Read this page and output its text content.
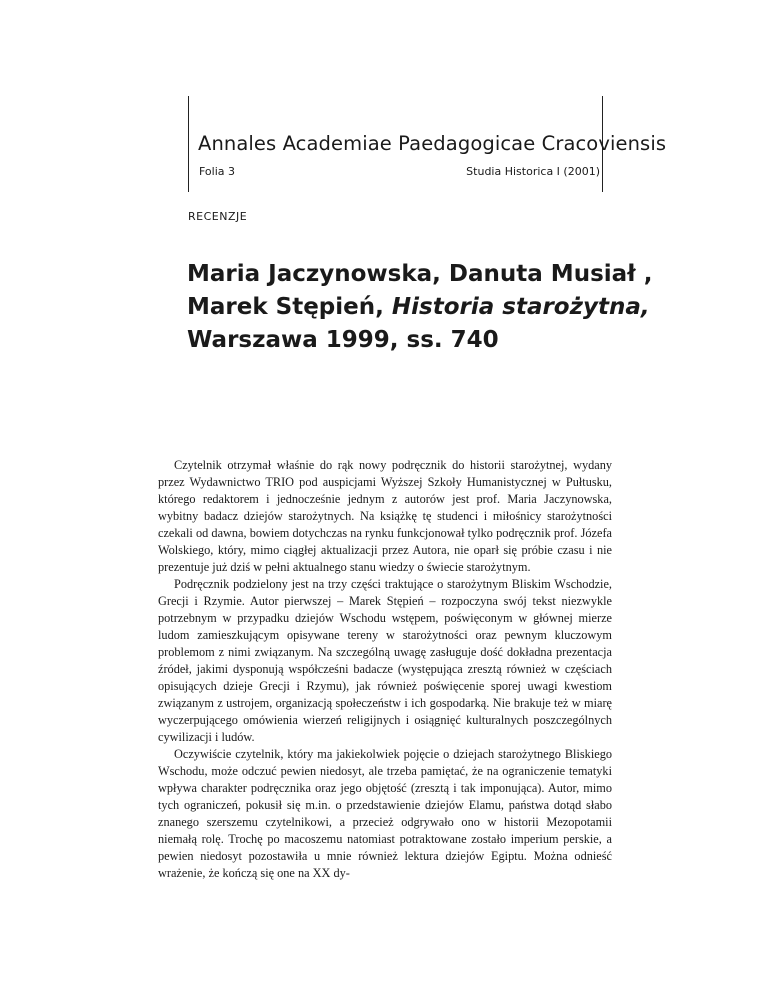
Annales Academiae Paedagogicae Cracoviensis
Folia 3	Studia Historica I (2001)
RECENZJE
Maria Jaczynowska, Danuta Musiał ,
Marek Stępień, Historia starożytna,
Warszawa 1999, ss. 740

Czytelnik otrzymał właśnie do rąk nowy podręcznik do historii starożytnej, wydany przez Wydawnictwo TRIO pod auspicjami Wyższej Szkoły Humanistycznej w Pułtusku, którego redaktorem i jednocześnie jednym z autorów jest prof. Maria Jaczynowska, wybitny badacz dziejów starożytnych. Na książkę tę studenci i miłośnicy starożytności czekali od dawna, bowiem dotychczas na rynku funkcjonował tylko podręcznik prof. Józefa Wolskiego, który, mimo ciągłej aktualizacji przez Autora, nie oparł się próbie czasu i nie prezentuje już dziś w pełni aktualnego stanu wiedzy o świecie starożytnym.

Podręcznik podzielony jest na trzy części traktujące o starożytnym Bliskim Wschodzie, Grecji i Rzymie. Autor pierwszej – Marek Stępień – rozpoczyna swój tekst niezwykle potrzebnym w przypadku dziejów Wschodu wstępem, poświęconym w głównej mierze ludom zamieszkującym opisywane tereny w starożytności oraz pewnym kluczowym problemom z nimi związanym. Na szczególną uwagę zasługuje dość dokładna prezentacja źródeł, jakimi dysponują współcześni badacze (występująca zresztą również w częściach opisujących dzieje Grecji i Rzymu), jak również poświęcenie sporej uwagi kwestiom związanym z ustrojem, organizacją społeczeństw i ich gospodarką. Nie brakuje też w miarę wyczerpującego omówienia wierzeń religijnych i osiągnięć kulturalnych poszczególnych cywilizacji i ludów.

Oczywiście czytelnik, który ma jakiekolwiek pojęcie o dziejach starożytnego Bliskiego Wschodu, może odczuć pewien niedosyt, ale trzeba pamiętać, że na ograniczenie tematyki wpływa charakter podręcznika oraz jego objętość (zresztą i tak imponująca). Autor, mimo tych ograniczeń, pokusił się m.in. o przedstawienie dziejów Elamu, państwa dotąd słabo znanego szerszemu czytelnikowi, a przecież odgrywało ono w historii Mezopotamii niemałą rolę. Trochę po macoszemu natomiast potraktowane zostało imperium perskie, a pewien niedosyt pozostawiła u mnie również lektura dziejów Egiptu. Można odnieść wrażenie, że kończą się one na XX dy-
